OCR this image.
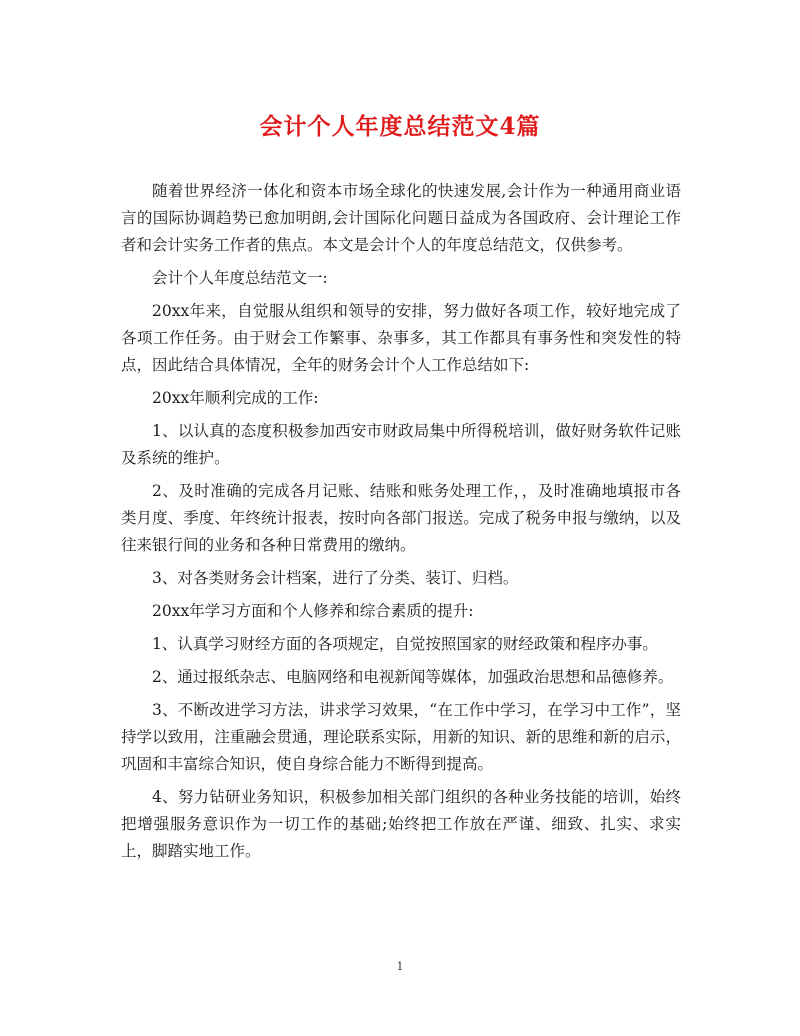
会计个人年度总结范文4篇

随着世界经济一体化和资本市场全球化的快速发展,会计作为一种通用商业语言的国际协调趋势已愈加明朗,会计国际化问题日益成为各国政府、会计理论工作者和会计实务工作者的焦点。本文是会计个人的年度总结范文，仅供参考。

会计个人年度总结范文一:

20xx年来，自觉服从组织和领导的安排，努力做好各项工作，较好地完成了各项工作任务。由于财会工作繁事、杂事多，其工作都具有事务性和突发性的特点，因此结合具体情况，全年的财务会计个人工作总结如下:

20xx年顺利完成的工作:

1、以认真的态度积极参加西安市财政局集中所得税培训，做好财务软件记账及系统的维护。

2、及时准确的完成各月记账、结账和账务处理工作，，及时准确地填报市各类月度、季度、年终统计报表，按时向各部门报送。完成了税务申报与缴纳，以及往来银行间的业务和各种日常费用的缴纳。

3、对各类财务会计档案，进行了分类、装订、归档。

20xx年学习方面和个人修养和综合素质的提升:

1、认真学习财经方面的各项规定，自觉按照国家的财经政策和程序办事。

2、通过报纸杂志、电脑网络和电视新闻等媒体，加强政治思想和品德修养。

3、不断改进学习方法，讲求学习效果，“在工作中学习，在学习中工作”，坚持学以致用，注重融会贯通，理论联系实际，用新的知识、新的思维和新的启示，巩固和丰富综合知识，使自身综合能力不断得到提高。

4、努力钻研业务知识，积极参加相关部门组织的各种业务技能的培训，始终把增强服务意识作为一切工作的基础;始终把工作放在严谨、细致、扎实、求实上，脚踏实地工作。

1
